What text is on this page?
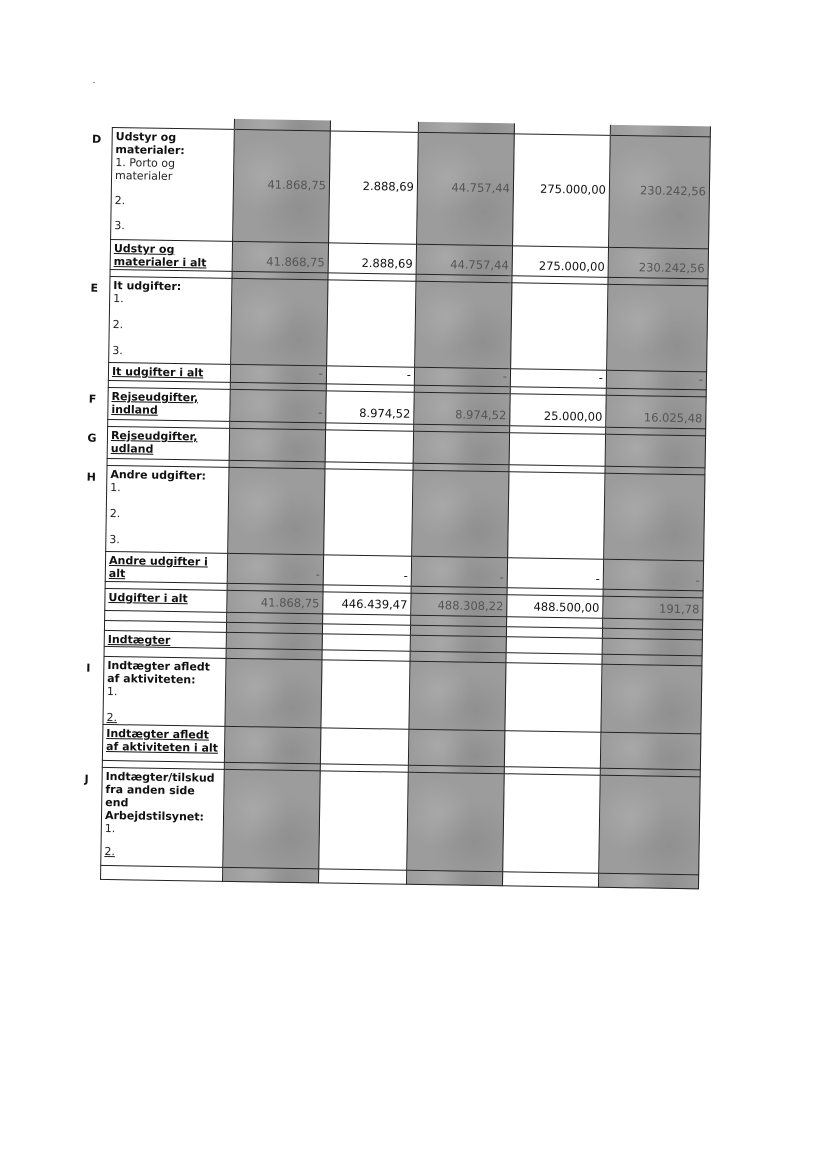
D Udstyr og materialer:
1. Porto og materialer
2.
3.	41.868,75	2.888,69	44.757,44	275.000,00	230.242,56
Udstyr og materialer i alt	41.868,75	2.888,69	44.757,44	275.000,00	230.242,56

E It udgifter:
1.
2.
3.					

It udgifter i alt	-	-	-	-	-

F Rejseudgifter, indland	-	8.974,52	8.974,52	25.000,00	16.025,48

G Rejseudgifter, udland					

H Andre udgifter:
1.
2.
3.					

Andre udgifter i alt	-	-	-	-	-

Udgifter i alt	41.868,75	446.439,47	488.308,22	488.500,00	191,78

Indtægter					

I Indtægter afledt af aktiviteten:
1.
2.					

Indtægter afledt af aktiviteten i alt					

J Indtægter/tilskud fra anden side end Arbejdstilsynet:
1.
2.					
